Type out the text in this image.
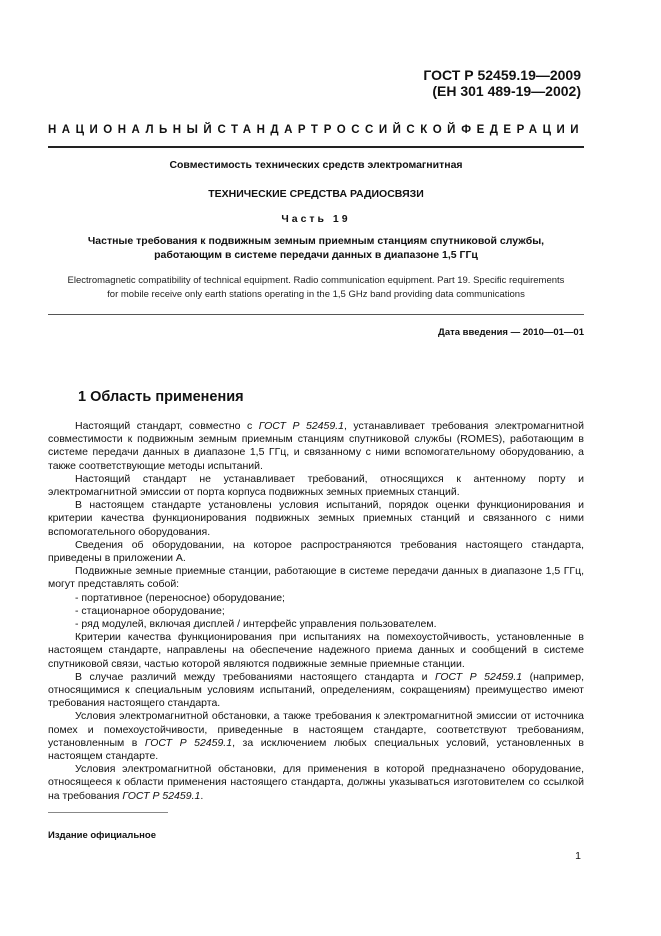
ГОСТ Р 52459.19—2009
(ЕН 301 489-19—2002)
НАЦИОНАЛЬНЫЙ СТАНДАРТ РОССИЙСКОЙ ФЕДЕРАЦИИ
Совместимость технических средств электромагнитная
ТЕХНИЧЕСКИЕ СРЕДСТВА РАДИОСВЯЗИ
Часть 19
Частные требования к подвижным земным приемным станциям спутниковой службы,
работающим в системе передачи данных в диапазоне 1,5 ГГц
Electromagnetic compatibility of technical equipment. Radio communication equipment. Part 19. Specific requirements
for mobile receive only earth stations operating in the 1,5 GHz band providing data communications
Дата введения — 2010—01—01
1 Область применения

Настоящий стандарт, совместно с ГОСТ Р 52459.1, устанавливает требования электромагнитной совместимости к подвижным земным приемным станциям спутниковой службы (ROMES), работающим в системе передачи данных в диапазоне 1,5 ГГц, и связанному с ними вспомогательному оборудованию, а также соответствующие методы испытаний.

Настоящий стандарт не устанавливает требований, относящихся к антенному порту и электромагнитной эмиссии от порта корпуса подвижных земных приемных станций.

В настоящем стандарте установлены условия испытаний, порядок оценки функционирования и критерии качества функционирования подвижных земных приемных станций и связанного с ними вспомогательного оборудования.

Сведения об оборудовании, на которое распространяются требования настоящего стандарта, приведены в приложении А.

Подвижные земные приемные станции, работающие в системе передачи данных в диапазоне 1,5 ГГц, могут представлять собой:

- портативное (переносное) оборудование;

- стационарное оборудование;

- ряд модулей, включая дисплей / интерфейс управления пользователем.

Критерии качества функционирования при испытаниях на помехоустойчивость, установленные в настоящем стандарте, направлены на обеспечение надежного приема данных и сообщений в системе спутниковой связи, частью которой являются подвижные земные приемные станции.

В случае различий между требованиями настоящего стандарта и ГОСТ Р 52459.1 (например, относящимися к специальным условиям испытаний, определениям, сокращениям) преимущество имеют требования настоящего стандарта.

Условия электромагнитной обстановки, а также требования к электромагнитной эмиссии от источника помех и помехоустойчивости, приведенные в настоящем стандарте, соответствуют требованиям, установленным в ГОСТ Р 52459.1, за исключением любых специальных условий, установленных в настоящем стандарте.

Условия электромагнитной обстановки, для применения в которой предназначено оборудование, относящееся к области применения настоящего стандарта, должны указываться изготовителем со ссылкой на требования ГОСТ Р 52459.1.

Издание официальное
1
